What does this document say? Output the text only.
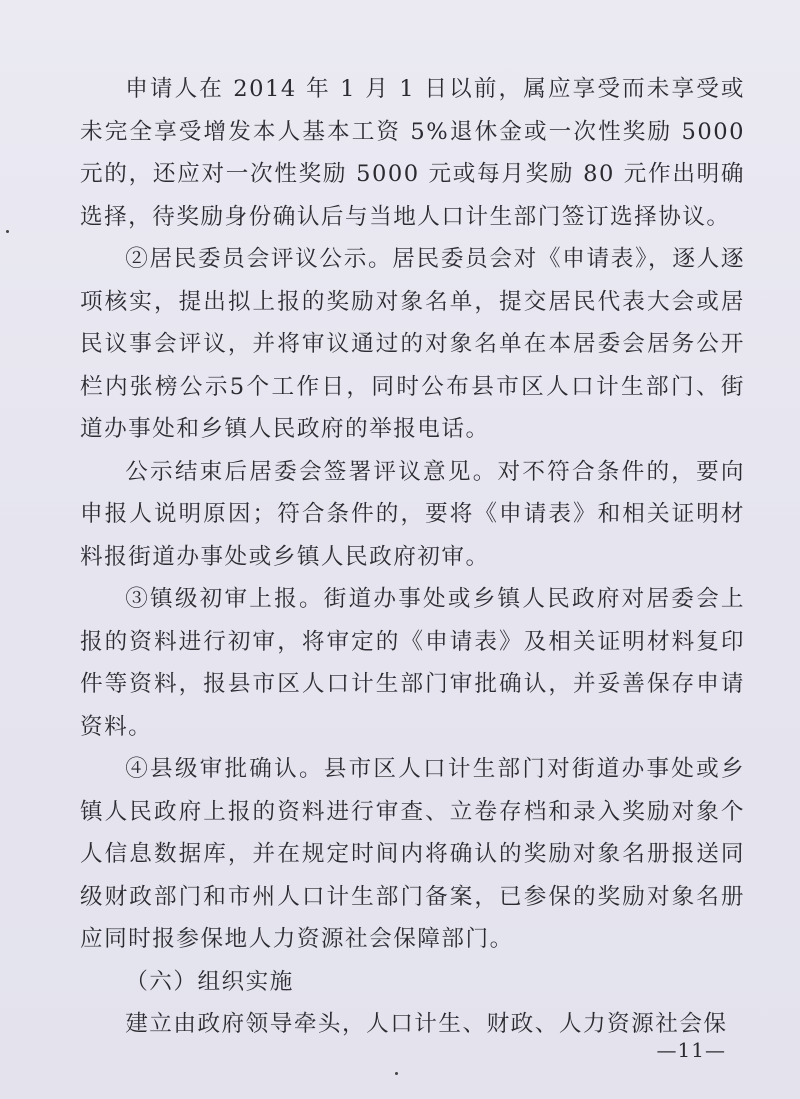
申请人在 2014 年 1 月 1 日以前，属应享受而未享受或未完全享受增发本人基本工资 5%退休金或一次性奖励 5000 元的，还应对一次性奖励 5000 元或每月奖励 80 元作出明确选择，待奖励身份确认后与当地人口计生部门签订选择协议。

②居民委员会评议公示。居民委员会对《申请表》，逐人逐项核实，提出拟上报的奖励对象名单，提交居民代表大会或居民议事会评议，并将审议通过的对象名单在本居委会居务公开栏内张榜公示5个工作日，同时公布县市区人口计生部门、街道办事处和乡镇人民政府的举报电话。

公示结束后居委会签署评议意见。对不符合条件的，要向申报人说明原因；符合条件的，要将《申请表》和相关证明材料报街道办事处或乡镇人民政府初审。

③镇级初审上报。街道办事处或乡镇人民政府对居委会上报的资料进行初审，将审定的《申请表》及相关证明材料复印件等资料，报县市区人口计生部门审批确认，并妥善保存申请资料。

④县级审批确认。县市区人口计生部门对街道办事处或乡镇人民政府上报的资料进行审查、立卷存档和录入奖励对象个人信息数据库，并在规定时间内将确认的奖励对象名册报送同级财政部门和市州人口计生部门备案，已参保的奖励对象名册应同时报参保地人力资源社会保障部门。

（六）组织实施

建立由政府领导牵头，人口计生、财政、人力资源社会保

—11—
